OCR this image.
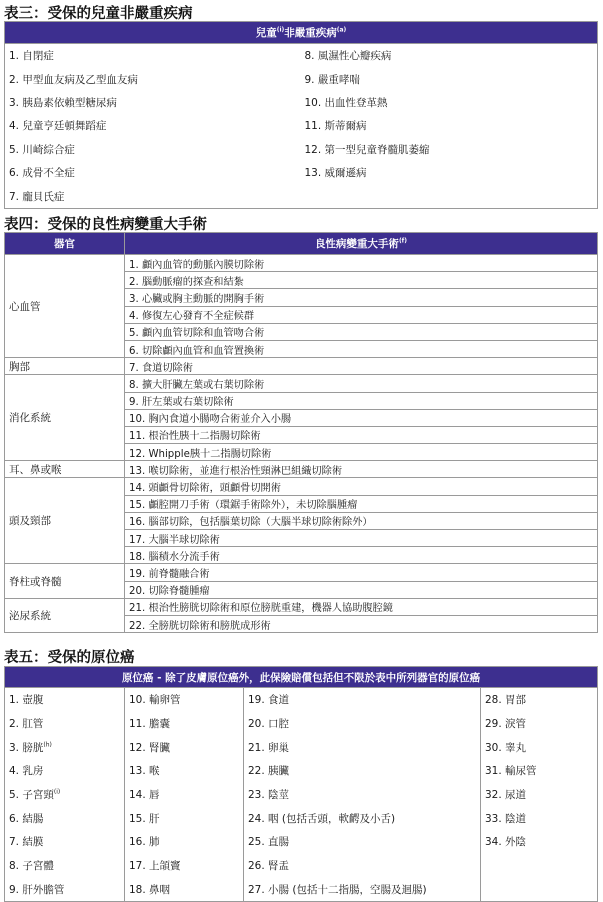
表三：受保的兒童非嚴重疾病
兒童$^{(i)}$非嚴重疾病$^{(a)}$
1. 自閉症	8. 風濕性心瓣疾病
2. 甲型血友病及乙型血友病	9. 嚴重哮喘
3. 胰島素依賴型糖尿病	10. 出血性登革熱
4. 兒童亨廷頓舞蹈症	11. 斯蒂爾病
5. 川崎綜合症	12. 第一型兒童脊髓肌萎縮
6. 成骨不全症	13. 威爾遜病
7. 龐貝氏症	
表四：受保的良性病變重大手術
器官	良性病變重大手術$^{(f)}$
心血管	1. 顱內血管的動脈內膜切除術
	2. 腦動脈瘤的探查和結紮
	3. 心臟或胸主動脈的開胸手術
	4. 修復左心發育不全症候群
	5. 顱內血管切除和血管吻合術
	6. 切除顱內血管和血管置換術
胸部	7. 食道切除術
消化系統	8. 擴大肝臟左葉或右葉切除術
	9. 肝左葉或右葉切除術
	10. 胸內食道小腸吻合術並介入小腸
	11. 根治性胰十二指腸切除術
	12. Whipple胰十二指腸切除術
耳、鼻或喉	13. 喉切除術，並進行根治性頸淋巴組織切除術
頭及頸部	14. 頭顱骨切除術，頭顱骨切開術
	15. 顱腔開刀手術（環鋸手術除外），未切除腦腫瘤
	16. 腦部切除，包括腦葉切除（大腦半球切除術除外）
	17. 大腦半球切除術
	18. 腦積水分流手術
脊柱或脊髓	19. 前脊髓融合術
	20. 切除脊髓腫瘤
泌尿系統	21. 根治性膀胱切除術和原位膀胱重建，機器人協助腹腔鏡
	22. 全膀胱切除術和膀胱成形術
表五：受保的原位癌
原位癌 - 除了皮膚原位癌外，此保險賠償包括但不限於表中所列器官的原位癌			
1. 壺腹	10. 輸卵管	19. 食道	28. 胃部
2. 肛管	11. 膽囊	20. 口腔	29. 淚管
3. 膀胱$^{(h)}$	12. 腎臟	21. 卵巢	30. 睾丸
4. 乳房	13. 喉	22. 胰臟	31. 輸尿管
5. 子宮頸$^{(i)}$	14. 唇	23. 陰莖	32. 尿道
6. 結腸	15. 肝	24. 咽 (包括舌頭，軟齶及小舌)	33. 陰道
7. 結膜	16. 肺	25. 直腸	34. 外陰
8. 子宮體	17. 上頜竇	26. 腎盂	
9. 肝外膽管	18. 鼻咽	27. 小腸 (包括十二指腸，空腸及迴腸)	
